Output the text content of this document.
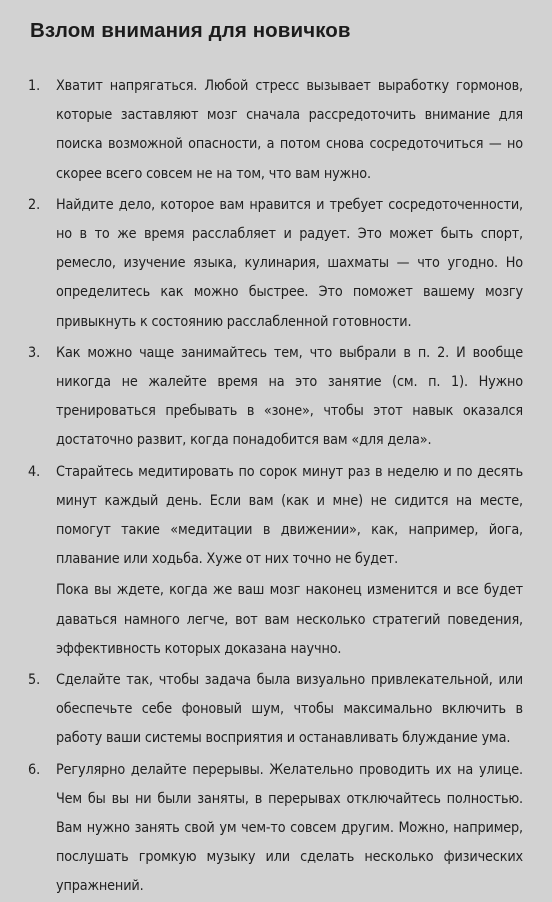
Взлом внимания для новичков
1. Хватит напрягаться. Любой стресс вызывает выработку гормонов, которые заставляют мозг сначала рассредоточить внимание для поиска возможной опасности, а потом снова сосредоточиться — но скорее всего совсем не на том, что вам нужно.

2. Найдите дело, которое вам нравится и требует сосредоточенности, но в то же время расслабляет и радует. Это может быть спорт, ремесло, изучение языка, кулинария, шахматы — что угодно. Но определитесь как можно быстрее. Это поможет вашему мозгу привыкнуть к состоянию расслабленной готовности.

3. Как можно чаще занимайтесь тем, что выбрали в п. 2. И вообще никогда не жалейте время на это занятие (см. п. 1). Нужно тренироваться пребывать в «зоне», чтобы этот навык оказался достаточно развит, когда понадобится вам «для дела».

4. Старайтесь медитировать по сорок минут раз в неделю и по десять минут каждый день. Если вам (как и мне) не сидится на месте, помогут такие «медитации в движении», как, например, йога, плавание или ходьба. Хуже от них точно не будет.

Пока вы ждете, когда же ваш мозг наконец изменится и все будет даваться намного легче, вот вам несколько стратегий поведения, эффективность которых доказана научно.

5. Сделайте так, чтобы задача была визуально привлекательной, или обеспечьте себе фоновый шум, чтобы максимально включить в работу ваши системы восприятия и останавливать блуждание ума.

6. Регулярно делайте перерывы. Желательно проводить их на улице. Чем бы вы ни были заняты, в перерывах отключайтесь полностью. Вам нужно занять свой ум чем-то совсем другим. Можно, например, послушать громкую музыку или сделать несколько физических упражнений.
